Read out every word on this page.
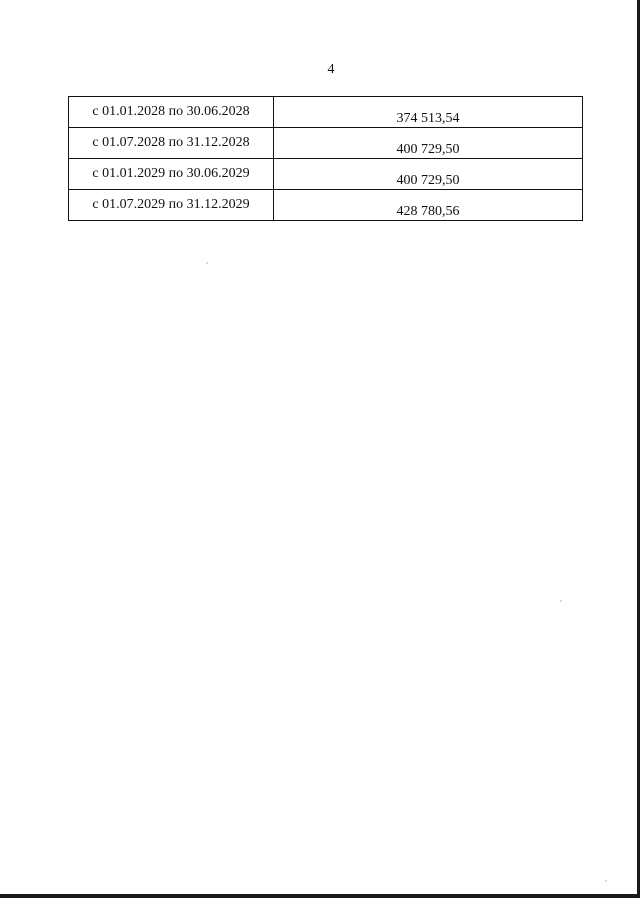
4
с 01.01.2028 по 30.06.2028	374 513,54
с 01.07.2028 по 31.12.2028	400 729,50
с 01.01.2029 по 30.06.2029	400 729,50
с 01.07.2029 по 31.12.2029	428 780,56
